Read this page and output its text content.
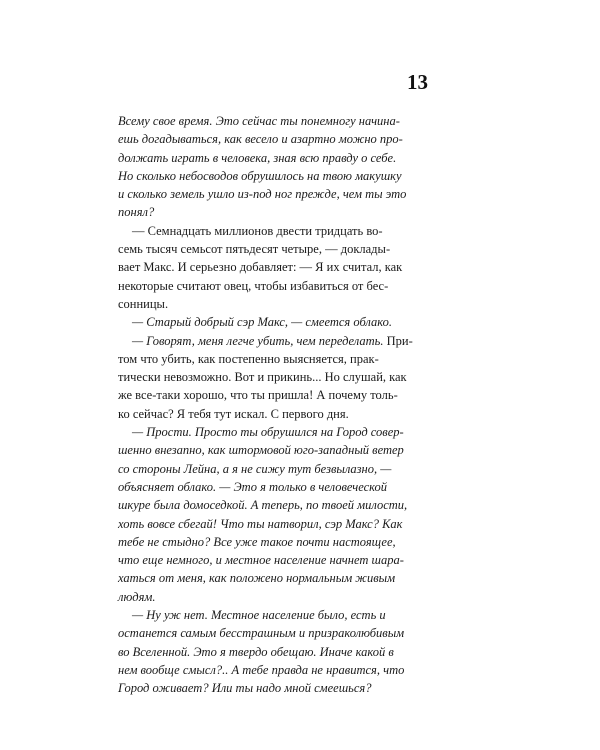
13

Всему свое время. Это сейчас ты понемногу начина-

ешь догадываться, как весело и азартно можно про-

должать играть в человека, зная всю правду о себе.

Но сколько небосводов обрушилось на твою макушку

и сколько земель ушло из-под ног прежде, чем ты это

понял?

— Семнадцать миллионов двести тридцать во-

семь тысяч семьсот пятьдесят четыре, — доклады-

вает Макс. И серьезно добавляет: — Я их считал, как

некоторые считают овец, чтобы избавиться от бес-

сонницы.

— Старый добрый сэр Макс, — смеется облако.

— Говорят, меня легче убить, чем переделать. При-

том что убить, как постепенно выясняется, прак-

тически невозможно. Вот и прикинь... Но слушай, как

же все-таки хорошо, что ты пришла! А почему толь-

ко сейчас? Я тебя тут искал. С первого дня.

— Прости. Просто ты обрушился на Город совер-

шенно внезапно, как штормовой юго-западный ветер

со стороны Лейна, а я не сижу тут безвылазно, —

объясняет облако. — Это я только в человеческой

шкуре была домоседкой. А теперь, по твоей милости,

хоть вовсе сбегай! Что ты натворил, сэр Макс? Как

тебе не стыдно? Все уже такое почти настоящее,

что еще немного, и местное население начнет шара-

хаться от меня, как положено нормальным живым

людям.

— Ну уж нет. Местное население было, есть и

останется самым бесстрашным и призраколюбивым

во Вселенной. Это я твердо обещаю. Иначе какой в

нем вообще смысл?.. А тебе правда не нравится, что

Город оживает? Или ты надо мной смеешься?
